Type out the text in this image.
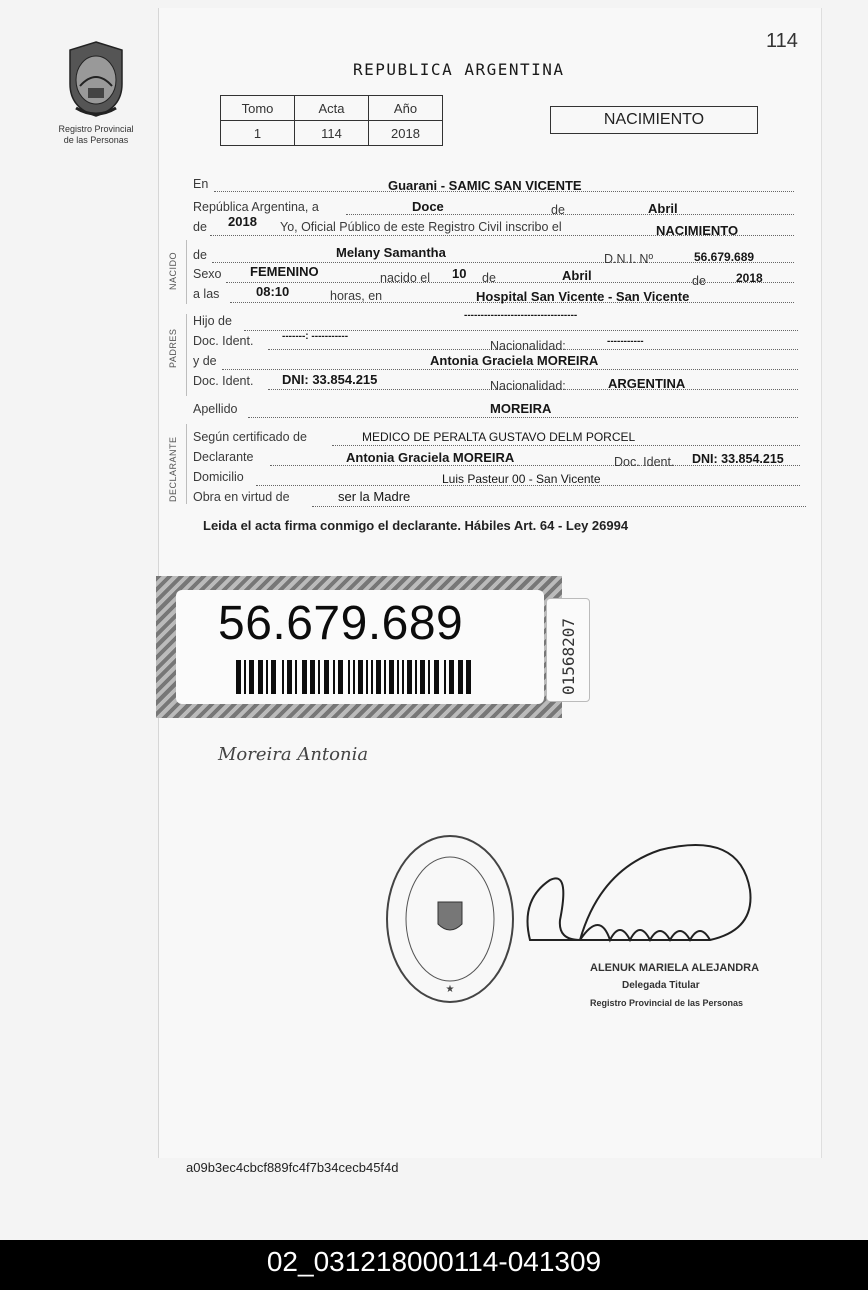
Registro Provincial
de las Personas
114
REPUBLICA ARGENTINA
Tomo	Acta	Año
1	114	2018
NACIMIENTO
En	Guarani - SAMIC SAN VICENTE
República Argentina, a	Doce	de	Abril
de 2018 Yo, Oficial Público de este Registro Civil inscribo el	NACIMIENTO
NACIDO de	Melany Samantha	D.N.I. Nº	56.679.689
Sexo FEMENINO	nacido el 10 de	Abril	de	2018
a las	08:10	horas, en	Hospital San Vicente - San Vicente
PADRES
Hijo de	----------------------------------
Doc. Ident.	-------: -----------
Nacionalidad:	-----------
y de	Antonia Graciela MOREIRA
Doc. Ident. DNI: 33.854.215	Nacionalidad:	ARGENTINA
Apellido	MOREIRA
DECLARANTE Según certificado de	MEDICO DE PERALTA GUSTAVO DELM PORCEL
Declarante	Antonia Graciela MOREIRA	Doc. Ident. DNI: 33.854.215
Domicilio	Luis Pasteur 00 - San Vicente
Obra en virtud de	ser la Madre
Leida el acta firma conmigo el declarante. Hábiles Art. 64 - Ley 26994
56.679.689	01568207
Moreira Antonia
★
ALENUK MARIELA ALEJANDRA
Delegada Titular
Registro Provincial de las Personas
a09b3ec4cbcf889fc4f7b34cecb45f4d
02_031218000114-041309
